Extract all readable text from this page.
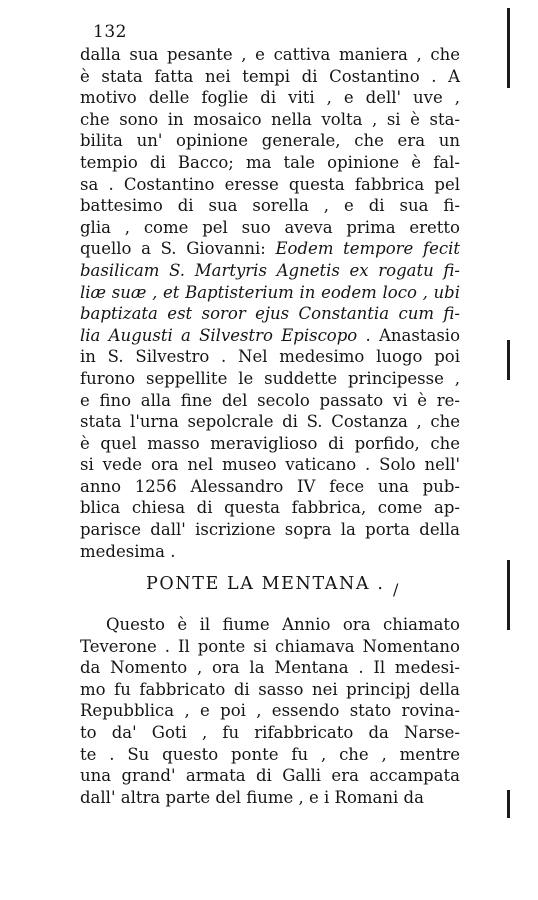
132
dalla sua pesante , e cattiva maniera , che
è stata fatta nei tempi di Costantino . A
motivo delle foglie di viti , e dell' uve ,
che sono in mosaico nella volta , si è sta-
bilita un' opinione generale, che era un
tempio di Bacco; ma tale opinione è fal-
sa . Costantino eresse questa fabbrica pel
battesimo di sua sorella , e di sua fi-
glia , come pel suo aveva prima eretto
quello a S. Giovanni: Eodem tempore fecit
basilicam S. Martyris Agnetis ex rogatu fi-
liæ suæ , et Baptisterium in eodem loco , ubi
baptizata est soror ejus Constantia cum fi-
lia Augusti a Silvestro Episcopo . Anastasio
in S. Silvestro . Nel medesimo luogo poi
furono seppellite le suddette principesse ,
e fino alla fine del secolo passato vi è re-
stata l'urna sepolcrale di S. Costanza , che
è quel masso meraviglioso di porfido, che
si vede ora nel museo vaticano . Solo nell'
anno 1256 Alessandro IV fece una pub-
blica chiesa di questa fabbrica, come ap-
parisce dall' iscrizione sopra la porta della
medesima .
PONTE LA MENTANA . /
Questo è il fiume Annio ora chiamato
Teverone . Il ponte si chiamava Nomentano
da Nomento , ora la Mentana . Il medesi-
mo fu fabbricato di sasso nei principj della
Repubblica , e poi , essendo stato rovina-
to da' Goti , fu rifabbricato da Narse-
te . Su questo ponte fu , che , mentre
una grand' armata di Galli era accampata
dall' altra parte del fiume , e i Romani da
